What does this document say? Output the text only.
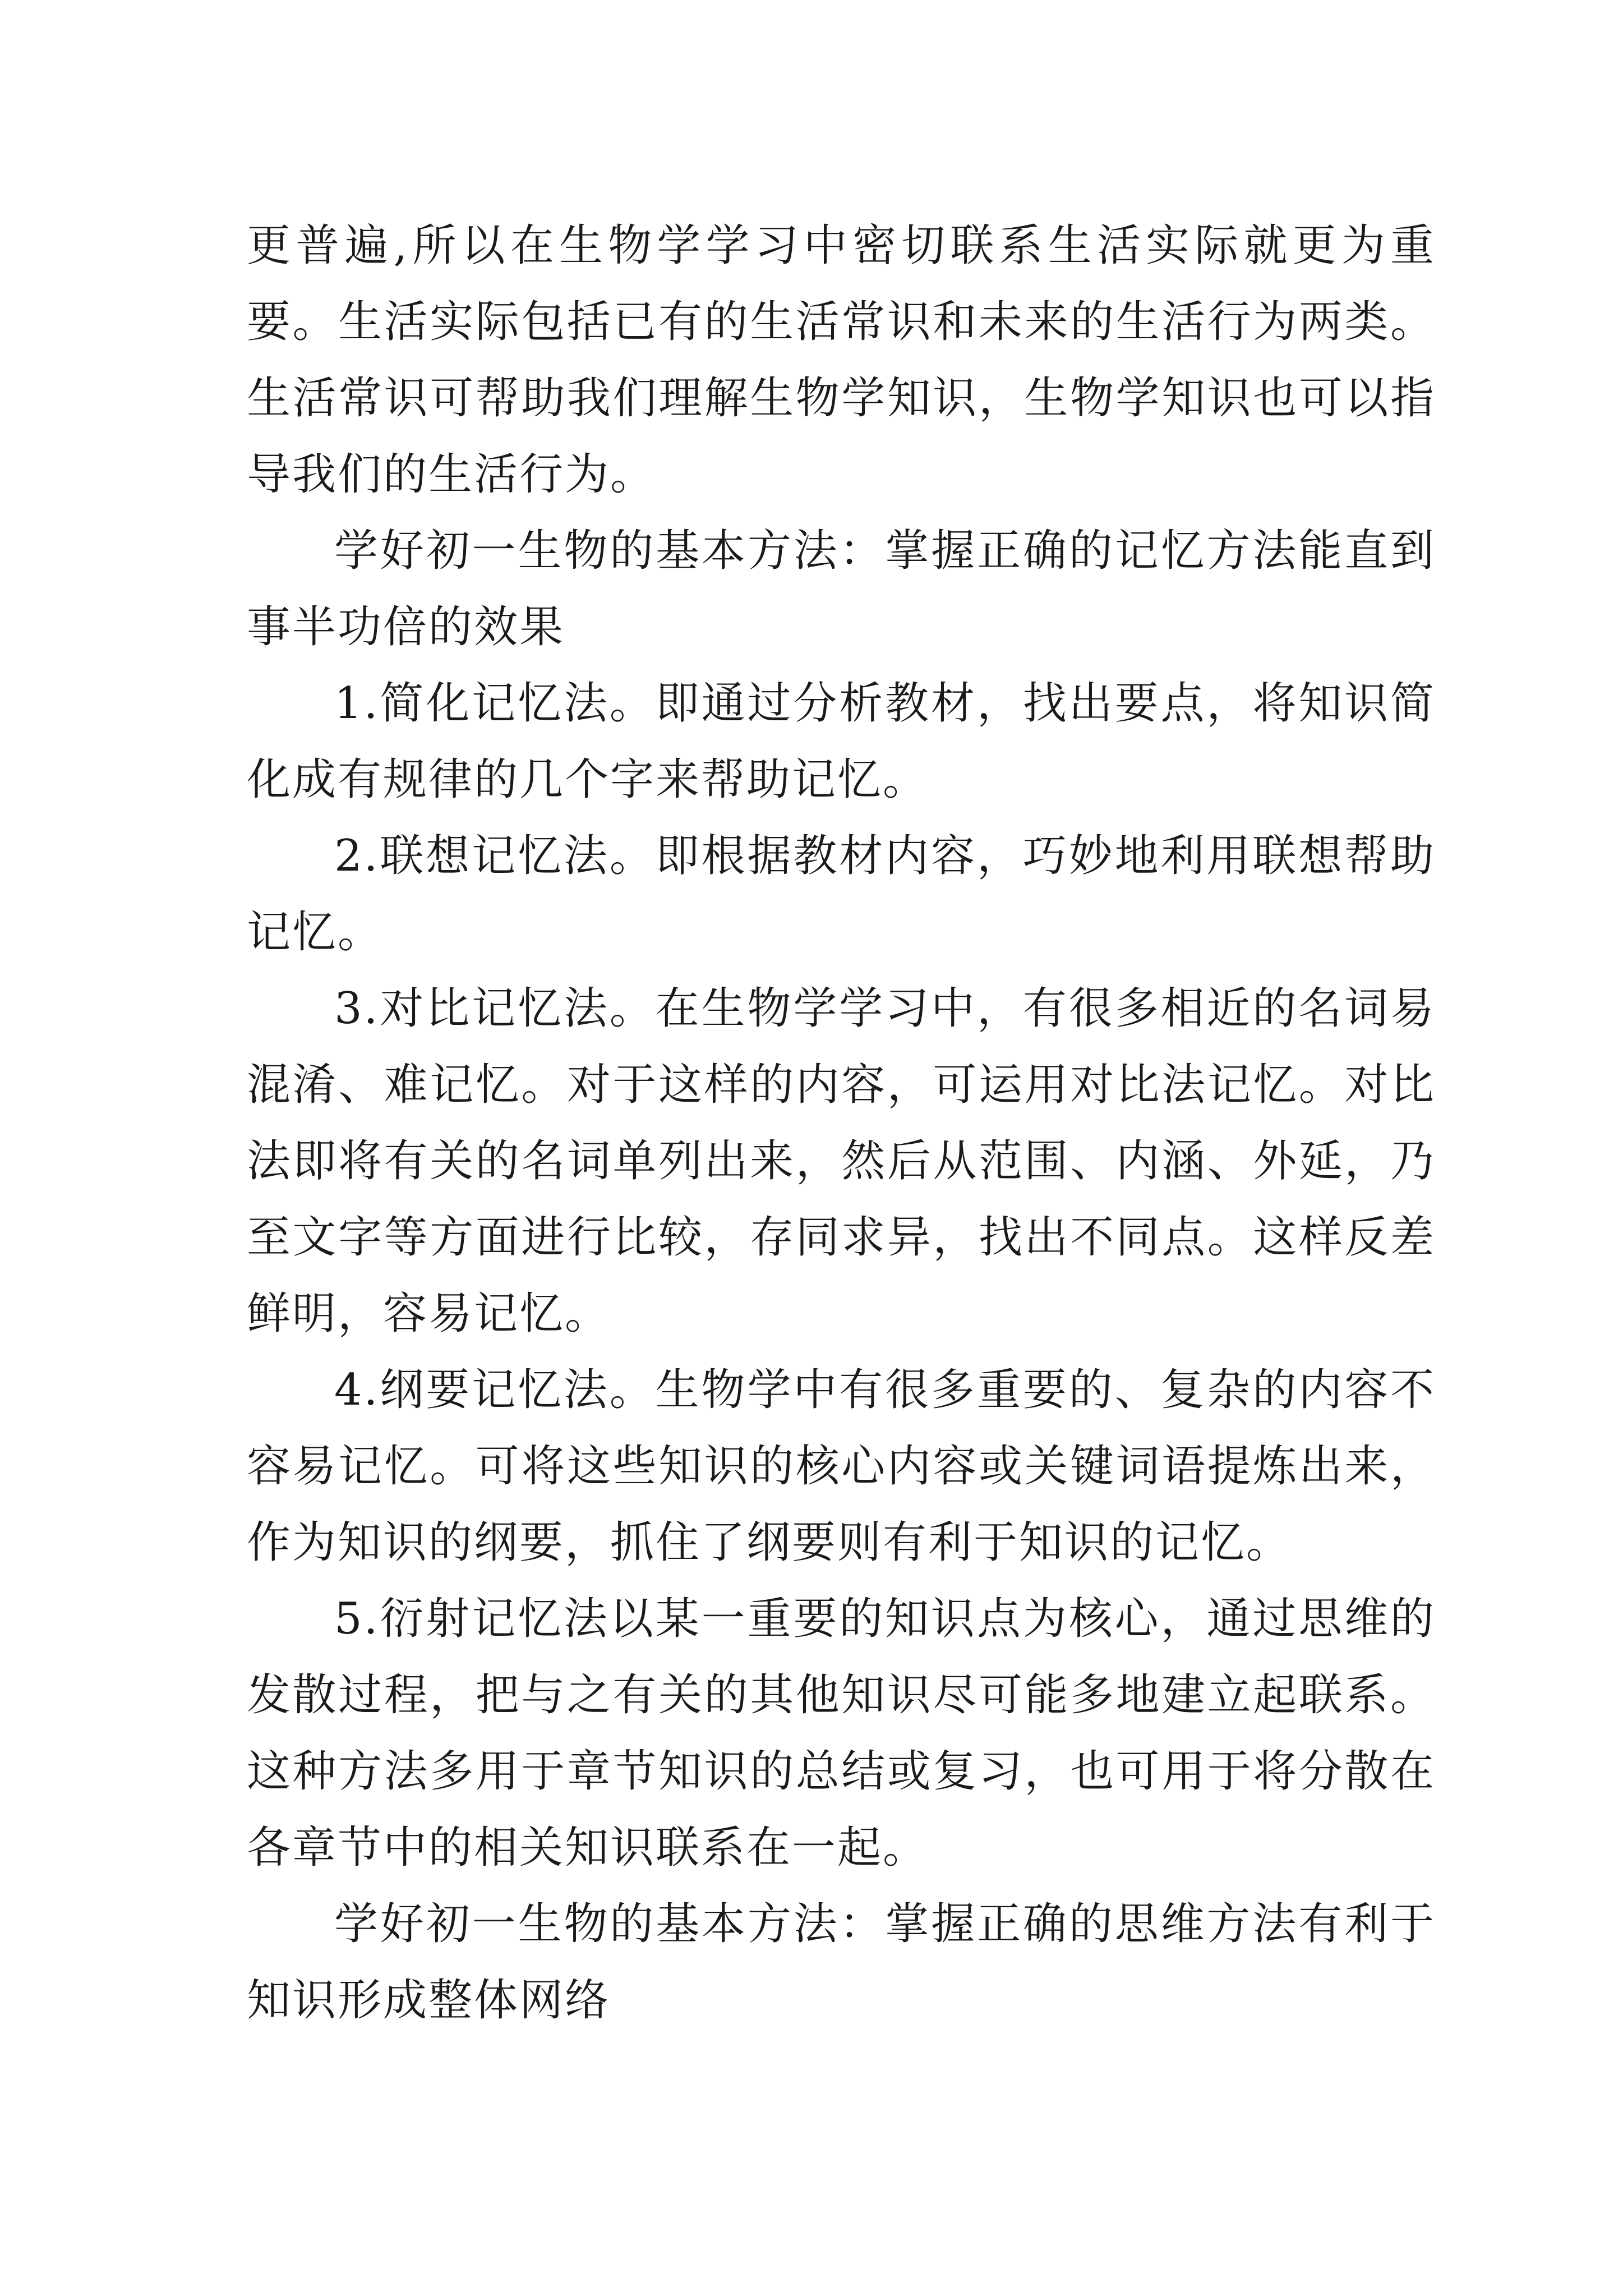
更普遍,所以在生物学学习中密切联系生活实际就更为重要。生活实际包括已有的生活常识和未来的生活行为两类。生活常识可帮助我们理解生物学知识，生物学知识也可以指导我们的生活行为。

学好初一生物的基本方法：掌握正确的记忆方法能直到事半功倍的效果

1.简化记忆法。即通过分析教材，找出要点，将知识简化成有规律的几个字来帮助记忆。

2.联想记忆法。即根据教材内容，巧妙地利用联想帮助记忆。

3.对比记忆法。在生物学学习中，有很多相近的名词易混淆、难记忆。对于这样的内容，可运用对比法记忆。对比法即将有关的名词单列出来，然后从范围、内涵、外延，乃至文字等方面进行比较，存同求异，找出不同点。这样反差鲜明，容易记忆。

4.纲要记忆法。生物学中有很多重要的、复杂的内容不容易记忆。可将这些知识的核心内容或关键词语提炼出来，作为知识的纲要，抓住了纲要则有利于知识的记忆。

5.衍射记忆法以某一重要的知识点为核心，通过思维的发散过程，把与之有关的其他知识尽可能多地建立起联系。这种方法多用于章节知识的总结或复习，也可用于将分散在各章节中的相关知识联系在一起。

学好初一生物的基本方法：掌握正确的思维方法有利于知识形成整体网络
